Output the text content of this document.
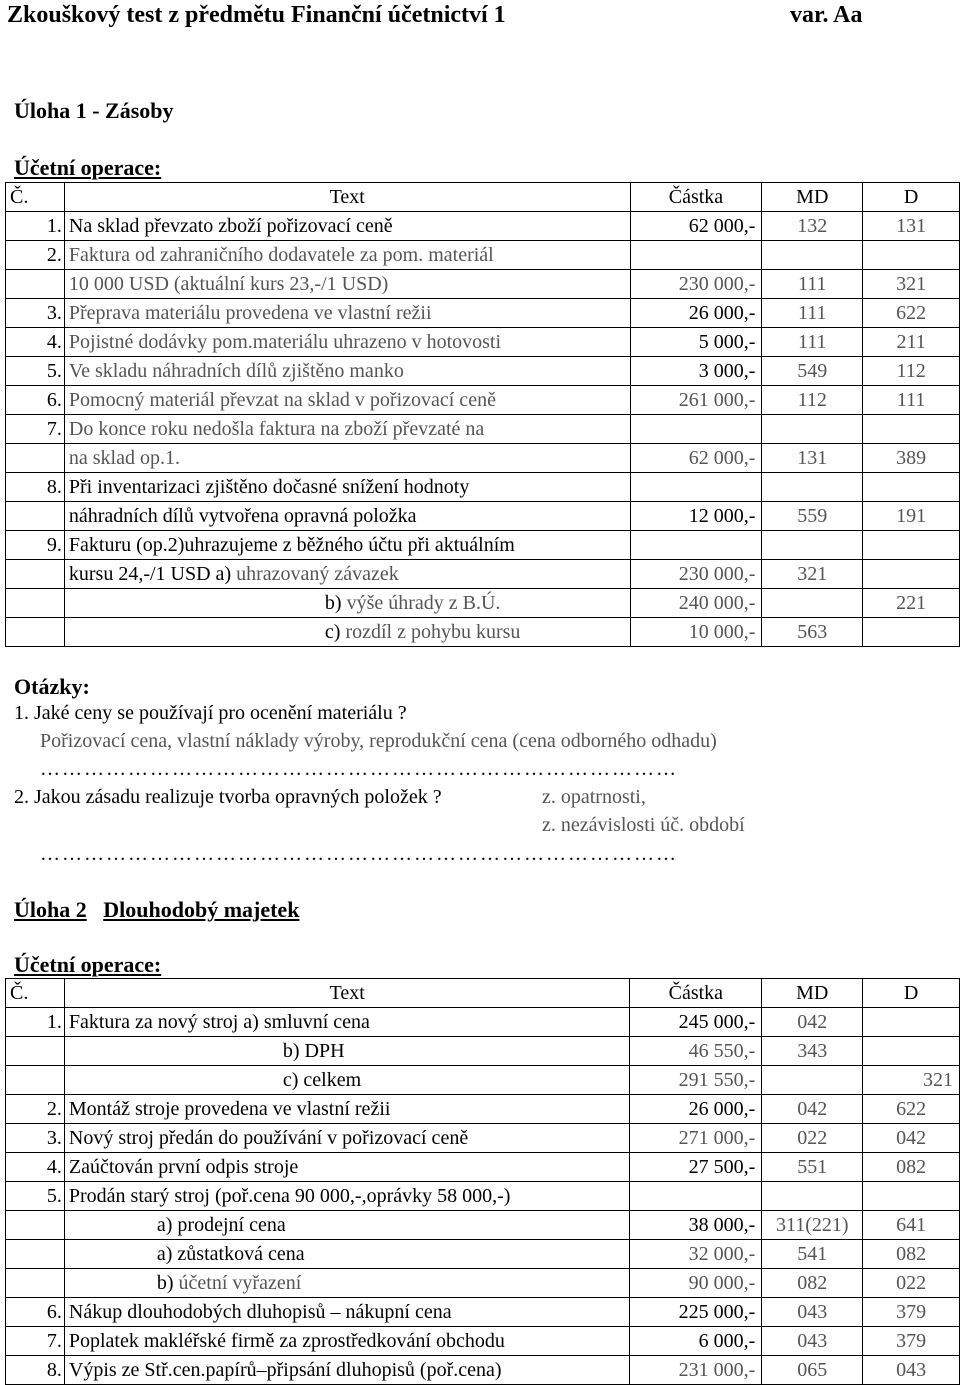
Zkouškový test z předmětu Finanční účetnictví 1	var. Aa
Úloha 1 - Zásoby
Účetní operace:
Č.	Text	Částka	MD	D
1.	Na sklad převzato zboží pořizovací ceně	62 000,-	132	131
2.	Faktura od zahraničního dodavatele za pom. materiál			
	10 000 USD (aktuální kurs 23,-/1 USD)	230 000,-	111	321
3.	Přeprava materiálu provedena ve vlastní režii	26 000,-	111	622
4.	Pojistné dodávky pom.materiálu uhrazeno v hotovosti	5 000,-	111	211
5.	Ve skladu náhradních dílů zjištěno manko	3 000,-	549	112
6.	Pomocný materiál převzat na sklad v pořizovací ceně	261 000,-	112	111
7.	Do konce roku nedošla faktura na zboží převzaté na			
	na sklad op.1.	62 000,-	131	389
8.	Při inventarizaci zjištěno dočasné snížení hodnoty			
	náhradních dílů vytvořena opravná položka	12 000,-	559	191
9.	Fakturu (op.2)uhrazujeme z běžného účtu při aktuálním			
	kursu 24,-/1 USD a) uhrazovaný závazek	230 000,-	321	
	b) výše úhrady z B.Ú.	240 000,-		221
	c) rozdíl z pohybu kursu	10 000,-	563	
Otázky:
1. Jaké ceny se používají pro ocenění materiálu ?
Pořizovací cena, vlastní náklady výroby, reprodukční cena (cena odborného odhadu)
……………………………………………………………………………
2. Jakou zásadu realizuje tvorba opravných položek ?	z. opatrnosti,
z. nezávislosti úč. období
……………………………………………………………………………
Úloha 2 Dlouhodobý majetek
Účetní operace:
Č.	Text	Částka	MD	D
1.	Faktura za nový stroj a) smluvní cena	245 000,-	042	
	b) DPH	46 550,-	343	
	c) celkem	291 550,-		321
2.	Montáž stroje provedena ve vlastní režii	26 000,-	042	622
3.	Nový stroj předán do používání v pořizovací ceně	271 000,-	022	042
4.	Zaúčtován první odpis stroje	27 500,-	551	082
5.	Prodán starý stroj (poř.cena 90 000,-,oprávky 58 000,-)			
	a) prodejní cena	38 000,-	311(221)	641
	a) zůstatková cena	32 000,-	541	082
	b) účetní vyřazení	90 000,-	082	022
6.	Nákup dlouhodobých dluhopisů – nákupní cena	225 000,-	043	379
7.	Poplatek makléřské firmě za zprostředkování obchodu	6 000,-	043	379
8.	Výpis ze Stř.cen.papírů–připsání dluhopisů (poř.cena)	231 000,-	065	043
